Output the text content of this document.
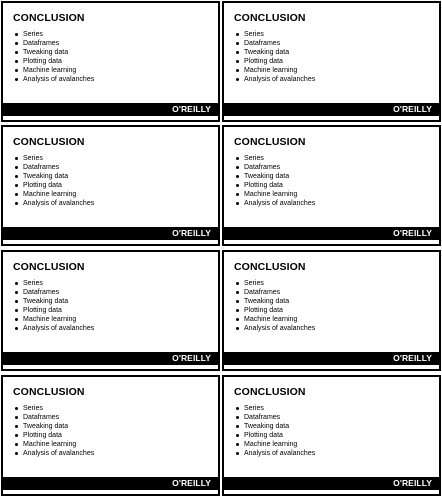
CONCLUSION
Series
Dataframes
Tweaking data
Plotting data
Machine learning
Analysis of avalanches
O'REILLY
CONCLUSION
Series
Dataframes
Tweaking data
Plotting data
Machine learning
Analysis of avalanches
O'REILLY
CONCLUSION
Series
Dataframes
Tweaking data
Plotting data
Machine learning
Analysis of avalanches
O'REILLY
CONCLUSION
Series
Dataframes
Tweaking data
Plotting data
Machine learning
Analysis of avalanches
O'REILLY
CONCLUSION
Series
Dataframes
Tweaking data
Plotting data
Machine learning
Analysis of avalanches
O'REILLY
CONCLUSION
Series
Dataframes
Tweaking data
Plotting data
Machine learning
Analysis of avalanches
O'REILLY
CONCLUSION
Series
Dataframes
Tweaking data
Plotting data
Machine learning
Analysis of avalanches
O'REILLY
CONCLUSION
Series
Dataframes
Tweaking data
Plotting data
Machine learning
Analysis of avalanches
O'REILLY
